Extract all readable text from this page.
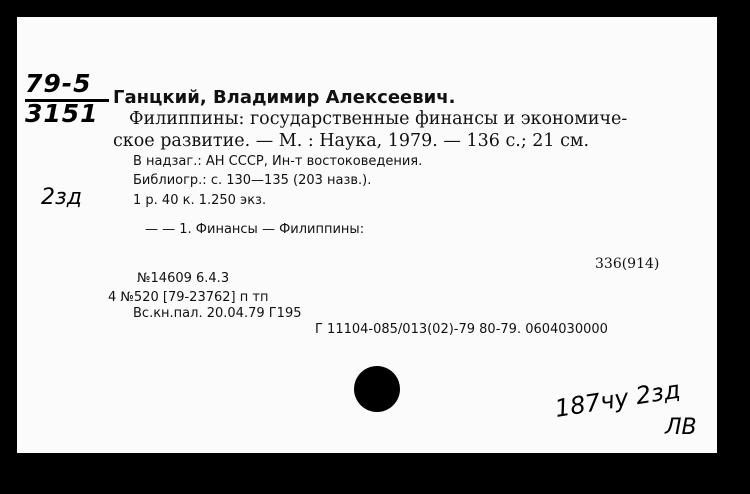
79-5
3151
2зд
Ганцкий, Владимир Алексеевич.
Филиппины: государственные финансы и экономиче-
ское развитие. — М. : Наука, 1979. — 136 с.; 21 см.
В надзаг.: АН СССР, Ин-т востоковедения.
Библиогр.: с. 130—135 (203 назв.).
1 р. 40 к. 1.250 экз.
— — 1. Финансы — Филиппины:
336(914)
№14609 6.4.3
4 №520 [79-23762] п тп
Вс.кн.пал. 20.04.79 Г195
Г 11104-085/013(02)-79 80-79. 0604030000
187чу 2зд
ЛВ
